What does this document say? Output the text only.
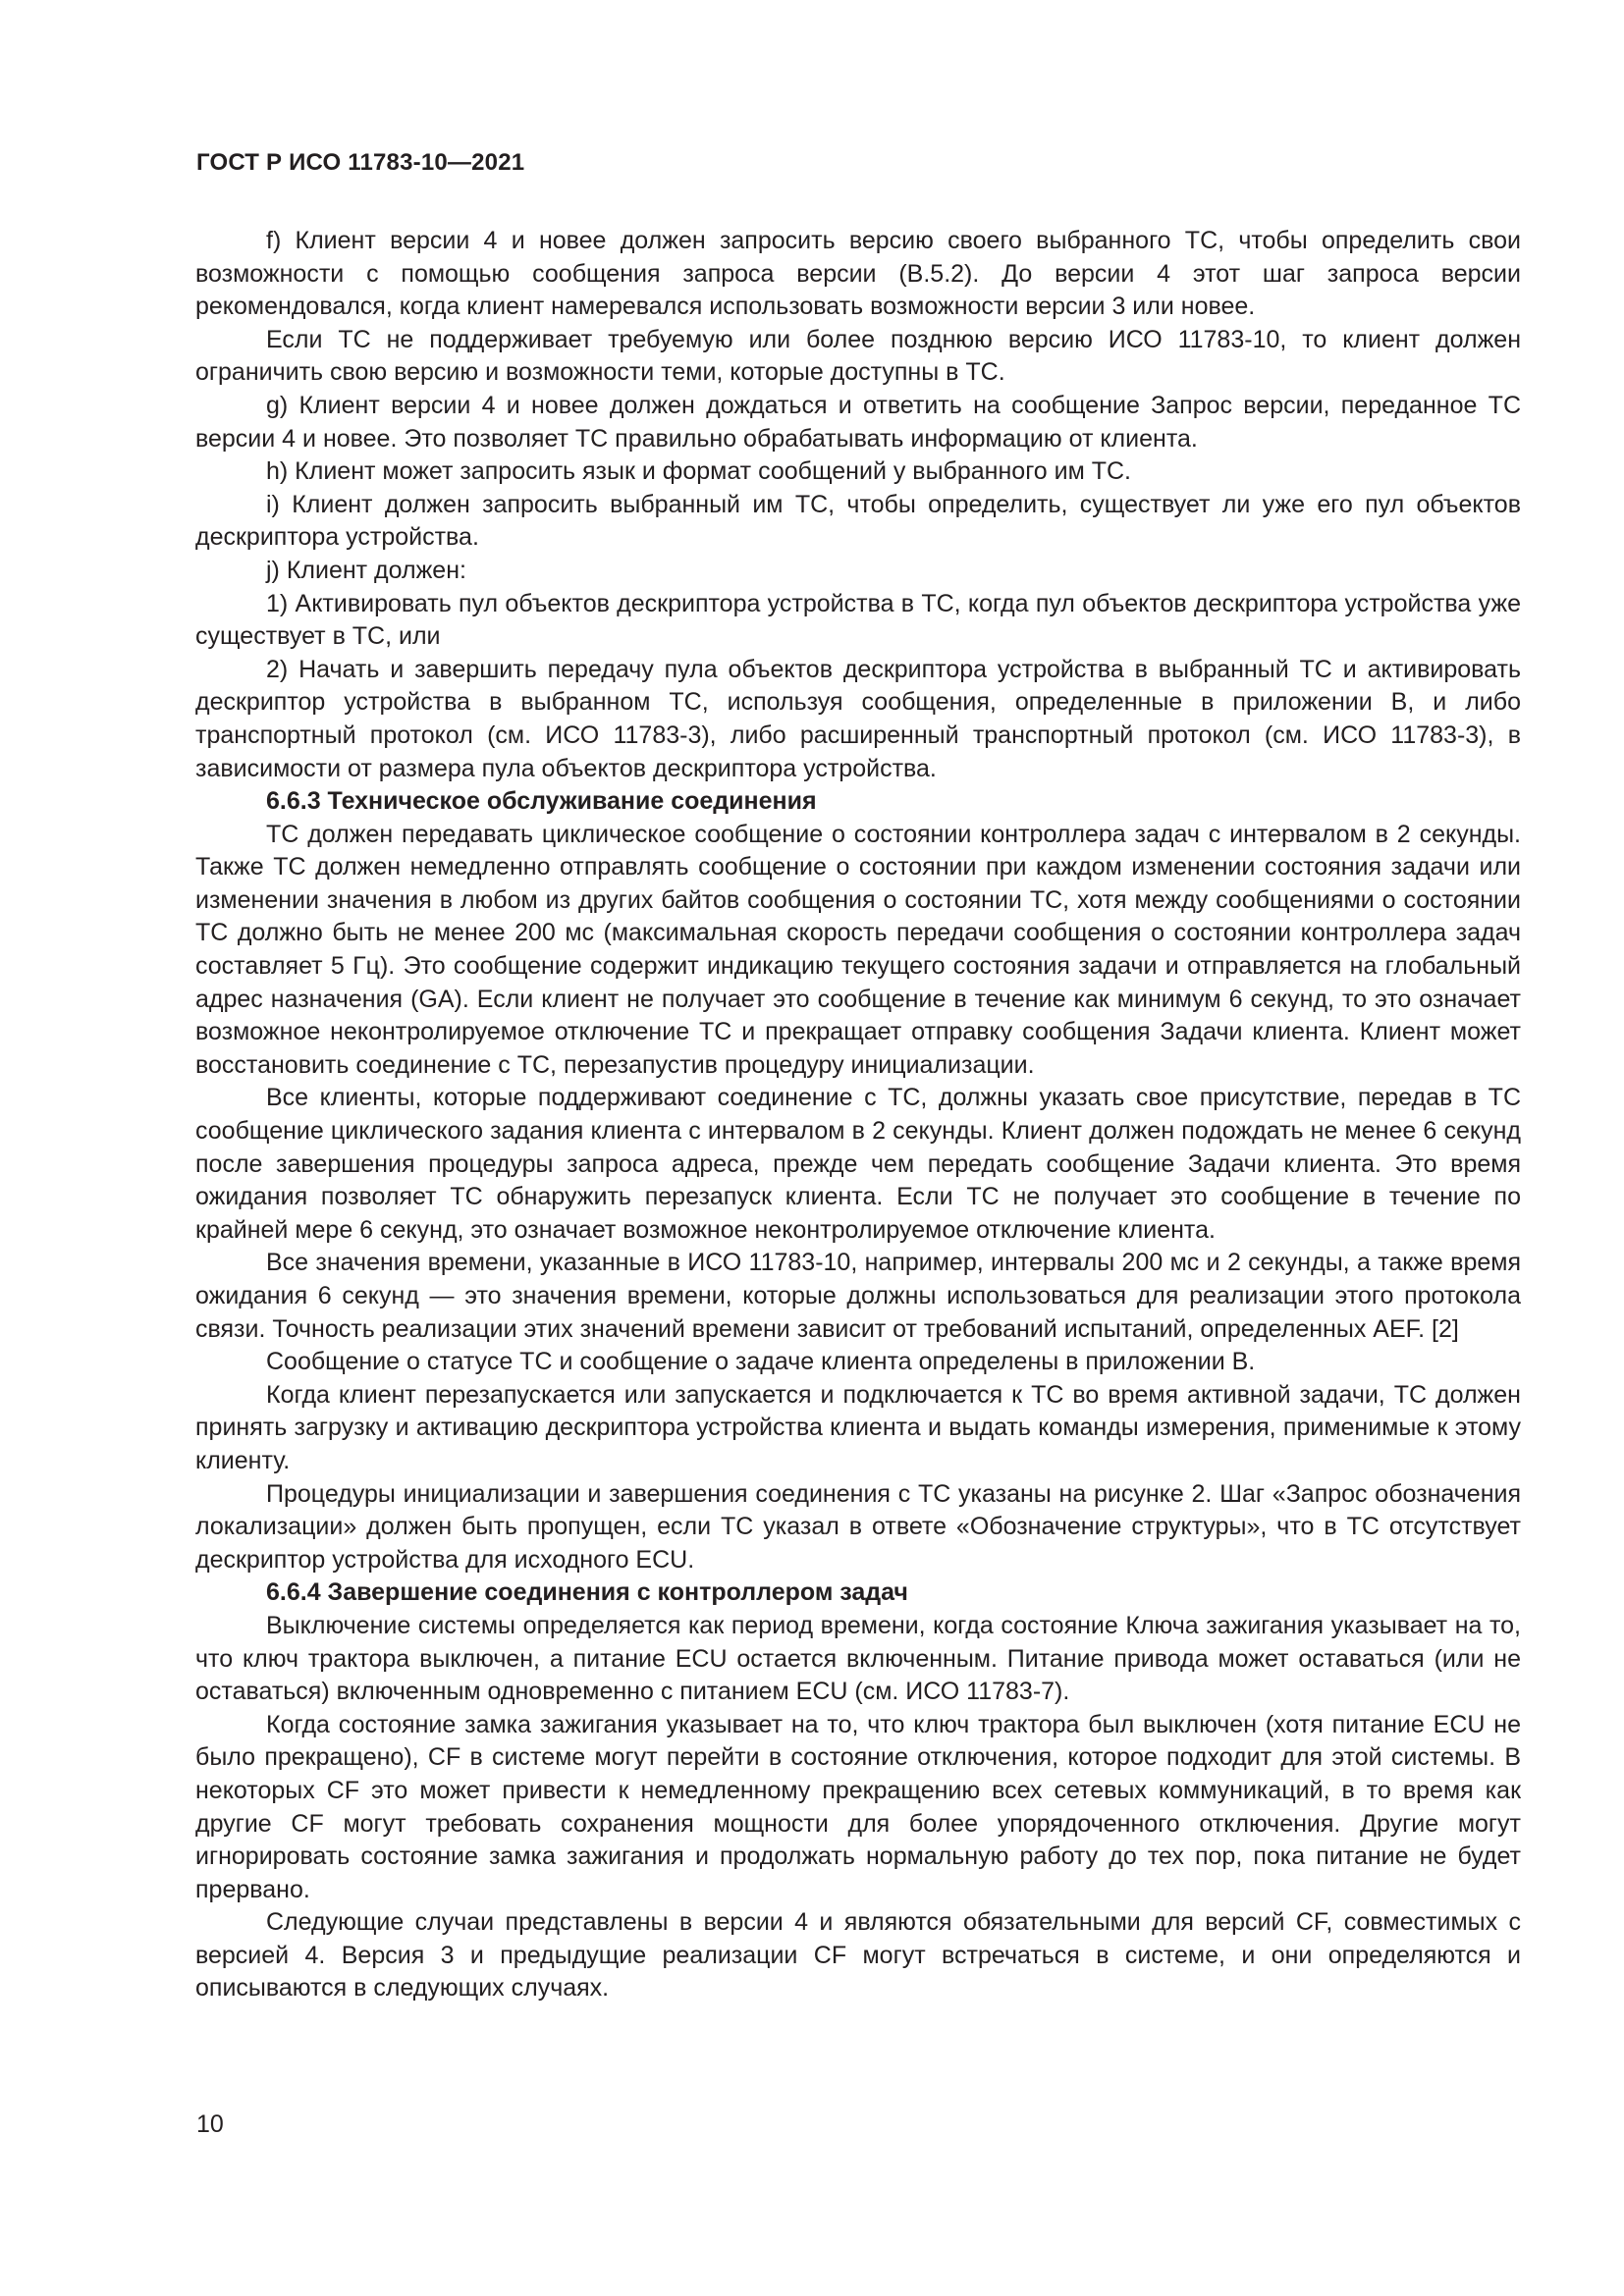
ГОСТ Р ИСО 11783-10—2021

f) Клиент версии 4 и новее должен запросить версию своего выбранного ТС, чтобы определить свои возможности с помощью сообщения запроса версии (В.5.2). До версии 4 этот шаг запроса версии рекомендовался, когда клиент намеревался использовать возможности версии 3 или новее.

Если ТС не поддерживает требуемую или более позднюю версию ИСО 11783-10, то клиент должен ограничить свою версию и возможности теми, которые доступны в ТС.

g) Клиент версии 4 и новее должен дождаться и ответить на сообщение Запрос версии, переданное ТС версии 4 и новее. Это позволяет ТС правильно обрабатывать информацию от клиента.

h) Клиент может запросить язык и формат сообщений у выбранного им ТС.

i) Клиент должен запросить выбранный им ТС, чтобы определить, существует ли уже его пул объектов дескриптора устройства.

j) Клиент должен:

1) Активировать пул объектов дескриптора устройства в ТС, когда пул объектов дескриптора устройства уже существует в ТС, или

2) Начать и завершить передачу пула объектов дескриптора устройства в выбранный ТС и активировать дескриптор устройства в выбранном ТС, используя сообщения, определенные в приложении В, и либо транспортный протокол (см. ИСО 11783-3), либо расширенный транспортный протокол (см. ИСО 11783-3), в зависимости от размера пула объектов дескриптора устройства.

6.6.3 Техническое обслуживание соединения

ТС должен передавать циклическое сообщение о состоянии контроллера задач с интервалом в 2 секунды. Также ТС должен немедленно отправлять сообщение о состоянии при каждом изменении состояния задачи или изменении значения в любом из других байтов сообщения о состоянии ТС, хотя между сообщениями о состоянии ТС должно быть не менее 200 мс (максимальная скорость передачи сообщения о состоянии контроллера задач составляет 5 Гц). Это сообщение содержит индикацию текущего состояния задачи и отправляется на глобальный адрес назначения (GA). Если клиент не получает это сообщение в течение как минимум 6 секунд, то это означает возможное неконтролируемое отключение ТС и прекращает отправку сообщения Задачи клиента. Клиент может восстановить соединение с ТС, перезапустив процедуру инициализации.

Все клиенты, которые поддерживают соединение с ТС, должны указать свое присутствие, передав в ТС сообщение циклического задания клиента с интервалом в 2 секунды. Клиент должен подождать не менее 6 секунд после завершения процедуры запроса адреса, прежде чем передать сообщение Задачи клиента. Это время ожидания позволяет ТС обнаружить перезапуск клиента. Если ТС не получает это сообщение в течение по крайней мере 6 секунд, это означает возможное неконтролируемое отключение клиента.

Все значения времени, указанные в ИСО 11783-10, например, интервалы 200 мс и 2 секунды, а также время ожидания 6 секунд — это значения времени, которые должны использоваться для реализации этого протокола связи. Точность реализации этих значений времени зависит от требований испытаний, определенных AEF. [2]

Сообщение о статусе ТС и сообщение о задаче клиента определены в приложении В.

Когда клиент перезапускается или запускается и подключается к ТС во время активной задачи, ТС должен принять загрузку и активацию дескриптора устройства клиента и выдать команды измерения, применимые к этому клиенту.

Процедуры инициализации и завершения соединения с ТС указаны на рисунке 2. Шаг «Запрос обозначения локализации» должен быть пропущен, если ТС указал в ответе «Обозначение структуры», что в ТС отсутствует дескриптор устройства для исходного ECU.

6.6.4 Завершение соединения с контроллером задач

Выключение системы определяется как период времени, когда состояние Ключа зажигания указывает на то, что ключ трактора выключен, а питание ECU остается включенным. Питание привода может оставаться (или не оставаться) включенным одновременно с питанием ECU (см. ИСО 11783-7).

Когда состояние замка зажигания указывает на то, что ключ трактора был выключен (хотя питание ECU не было прекращено), CF в системе могут перейти в состояние отключения, которое подходит для этой системы. В некоторых CF это может привести к немедленному прекращению всех сетевых коммуникаций, в то время как другие CF могут требовать сохранения мощности для более упорядоченного отключения. Другие могут игнорировать состояние замка зажигания и продолжать нормальную работу до тех пор, пока питание не будет прервано.

Следующие случаи представлены в версии 4 и являются обязательными для версий CF, совместимых с версией 4. Версия 3 и предыдущие реализации CF могут встречаться в системе, и они определяются и описываются в следующих случаях.

10
